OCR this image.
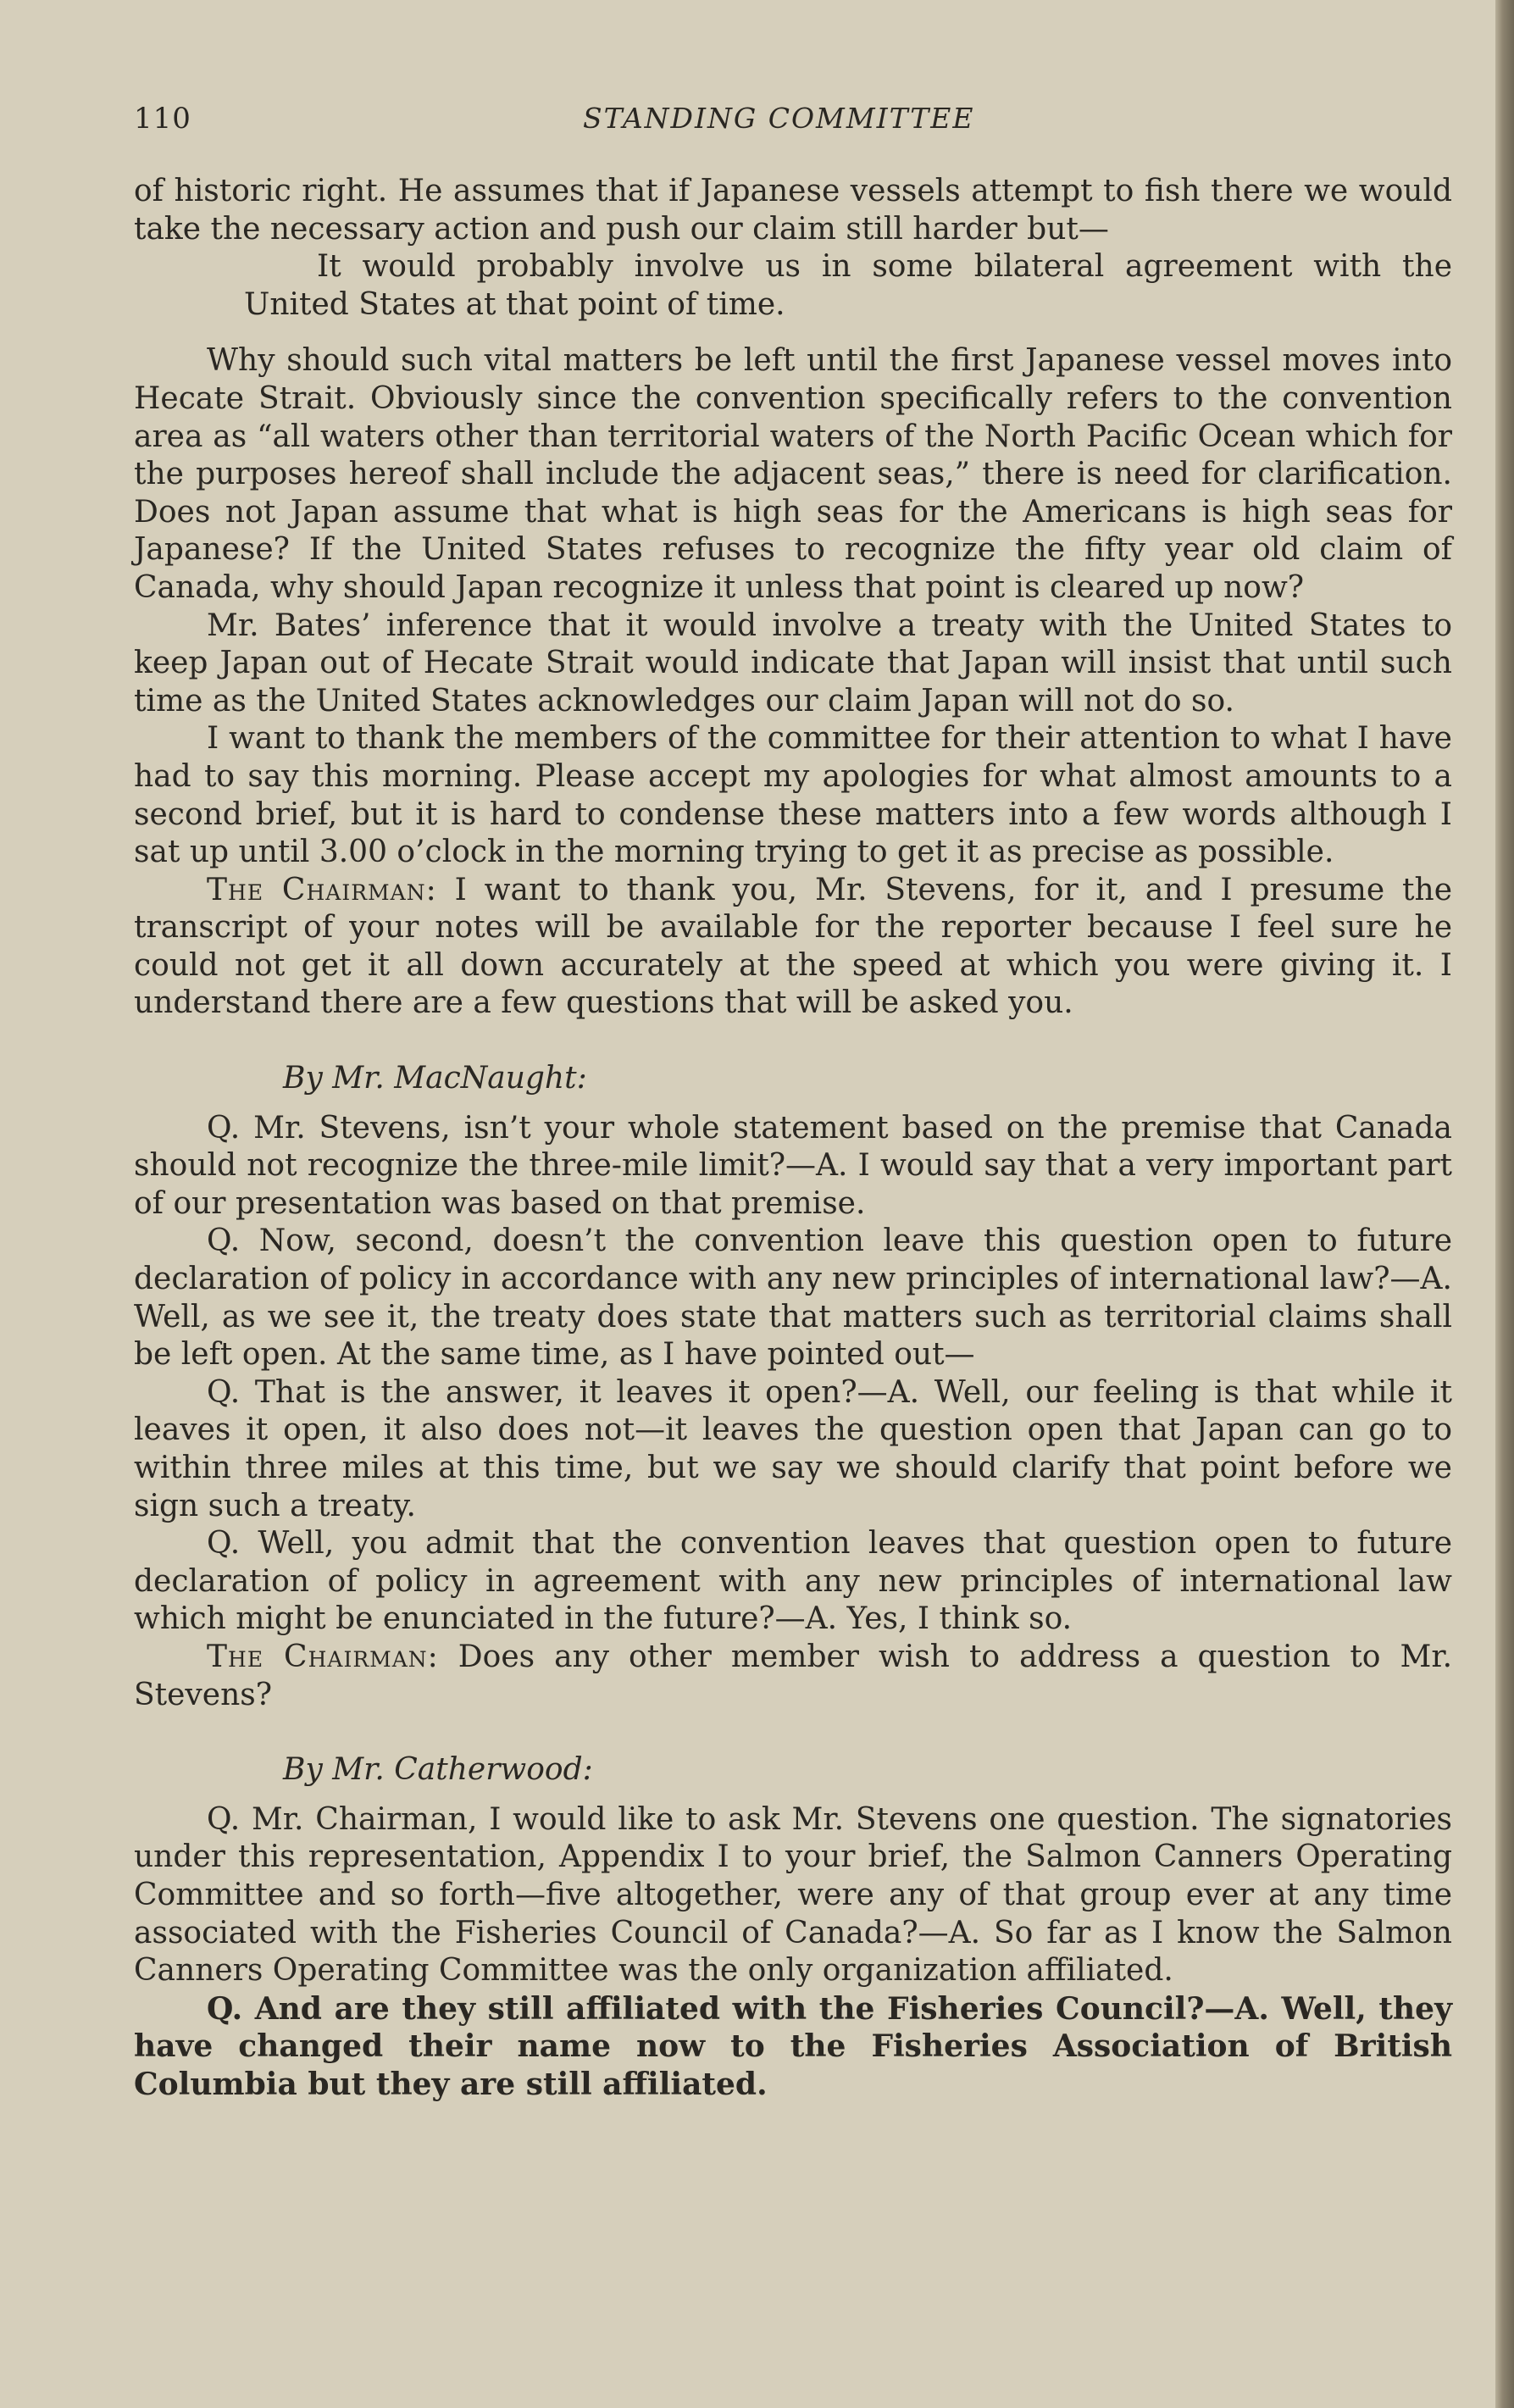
110	STANDING COMMITTEE

of historic right. He assumes that if Japanese vessels attempt to fish there we would take the necessary action and push our claim still harder but—

It would probably involve us in some bilateral agreement with the United States at that point of time.

Why should such vital matters be left until the first Japanese vessel moves into Hecate Strait. Obviously since the convention specifically refers to the convention area as “all waters other than territorial waters of the North Pacific Ocean which for the purposes hereof shall include the adjacent seas,” there is need for clarification. Does not Japan assume that what is high seas for the Americans is high seas for Japanese? If the United States refuses to recognize the fifty year old claim of Canada, why should Japan recognize it unless that point is cleared up now?

Mr. Bates’ inference that it would involve a treaty with the United States to keep Japan out of Hecate Strait would indicate that Japan will insist that until such time as the United States acknowledges our claim Japan will not do so.

I want to thank the members of the committee for their attention to what I have had to say this morning. Please accept my apologies for what almost amounts to a second brief, but it is hard to condense these matters into a few words although I sat up until 3.00 o’clock in the morning trying to get it as precise as possible.

The Chairman: I want to thank you, Mr. Stevens, for it, and I presume the transcript of your notes will be available for the reporter because I feel sure he could not get it all down accurately at the speed at which you were giving it. I understand there are a few questions that will be asked you.

By Mr. MacNaught:

Q. Mr. Stevens, isn’t your whole statement based on the premise that Canada should not recognize the three-mile limit?—A. I would say that a very important part of our presentation was based on that premise.

Q. Now, second, doesn’t the convention leave this question open to future declaration of policy in accordance with any new principles of international law?—A. Well, as we see it, the treaty does state that matters such as territorial claims shall be left open. At the same time, as I have pointed out—

Q. That is the answer, it leaves it open?—A. Well, our feeling is that while it leaves it open, it also does not—it leaves the question open that Japan can go to within three miles at this time, but we say we should clarify that point before we sign such a treaty.

Q. Well, you admit that the convention leaves that question open to future declaration of policy in agreement with any new principles of international law which might be enunciated in the future?—A. Yes, I think so.

The Chairman: Does any other member wish to address a question to Mr. Stevens?

By Mr. Catherwood:

Q. Mr. Chairman, I would like to ask Mr. Stevens one question. The signatories under this representation, Appendix I to your brief, the Salmon Canners Operating Committee and so forth—five altogether, were any of that group ever at any time associated with the Fisheries Council of Canada?—A. So far as I know the Salmon Canners Operating Committee was the only organization affiliated.

Q. And are they still affiliated with the Fisheries Council?—A. Well, they have changed their name now to the Fisheries Association of British Columbia but they are still affiliated.
